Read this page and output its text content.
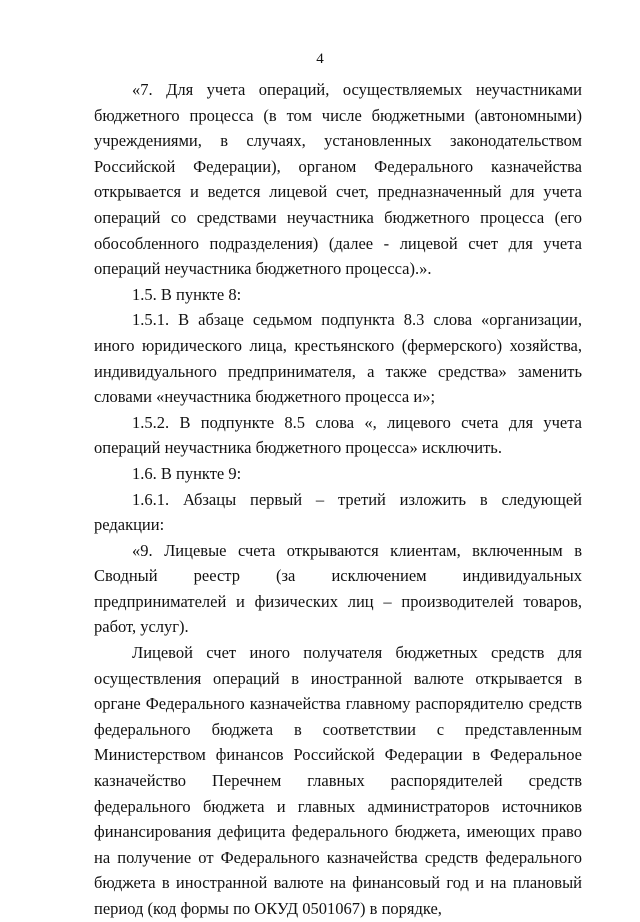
4

«7. Для учета операций, осуществляемых неучастниками бюджетного процесса (в том числе бюджетными (автономными) учреждениями, в случаях, установленных законодательством Российской Федерации), органом Федерального казначейства открывается и ведется лицевой счет, предназначенный для учета операций со средствами неучастника бюджетного процесса (его обособленного подразделения) (далее - лицевой счет для учета операций неучастника бюджетного процесса).».

1.5. В пункте 8:

1.5.1. В абзаце седьмом подпункта 8.3 слова «организации, иного юридического лица, крестьянского (фермерского) хозяйства, индивидуального предпринимателя, а также средства» заменить словами «неучастника бюджетного процесса и»;

1.5.2. В подпункте 8.5 слова «, лицевого счета для учета операций неучастника бюджетного процесса» исключить.

1.6. В пункте 9:

1.6.1. Абзацы первый – третий изложить в следующей редакции:

«9. Лицевые счета открываются клиентам, включенным в Сводный реестр (за исключением индивидуальных предпринимателей и физических лиц – производителей товаров, работ, услуг).

Лицевой счет иного получателя бюджетных средств для осуществления операций в иностранной валюте открывается в органе Федерального казначейства главному распорядителю средств федерального бюджета в соответствии с представленным Министерством финансов Российской Федерации в Федеральное казначейство Перечнем главных распорядителей средств федерального бюджета и главных администраторов источников финансирования дефицита федерального бюджета, имеющих право на получение от Федерального казначейства средств федерального бюджета в иностранной валюте на финансовый год и на плановый период (код формы по ОКУД 0501067) в порядке,
